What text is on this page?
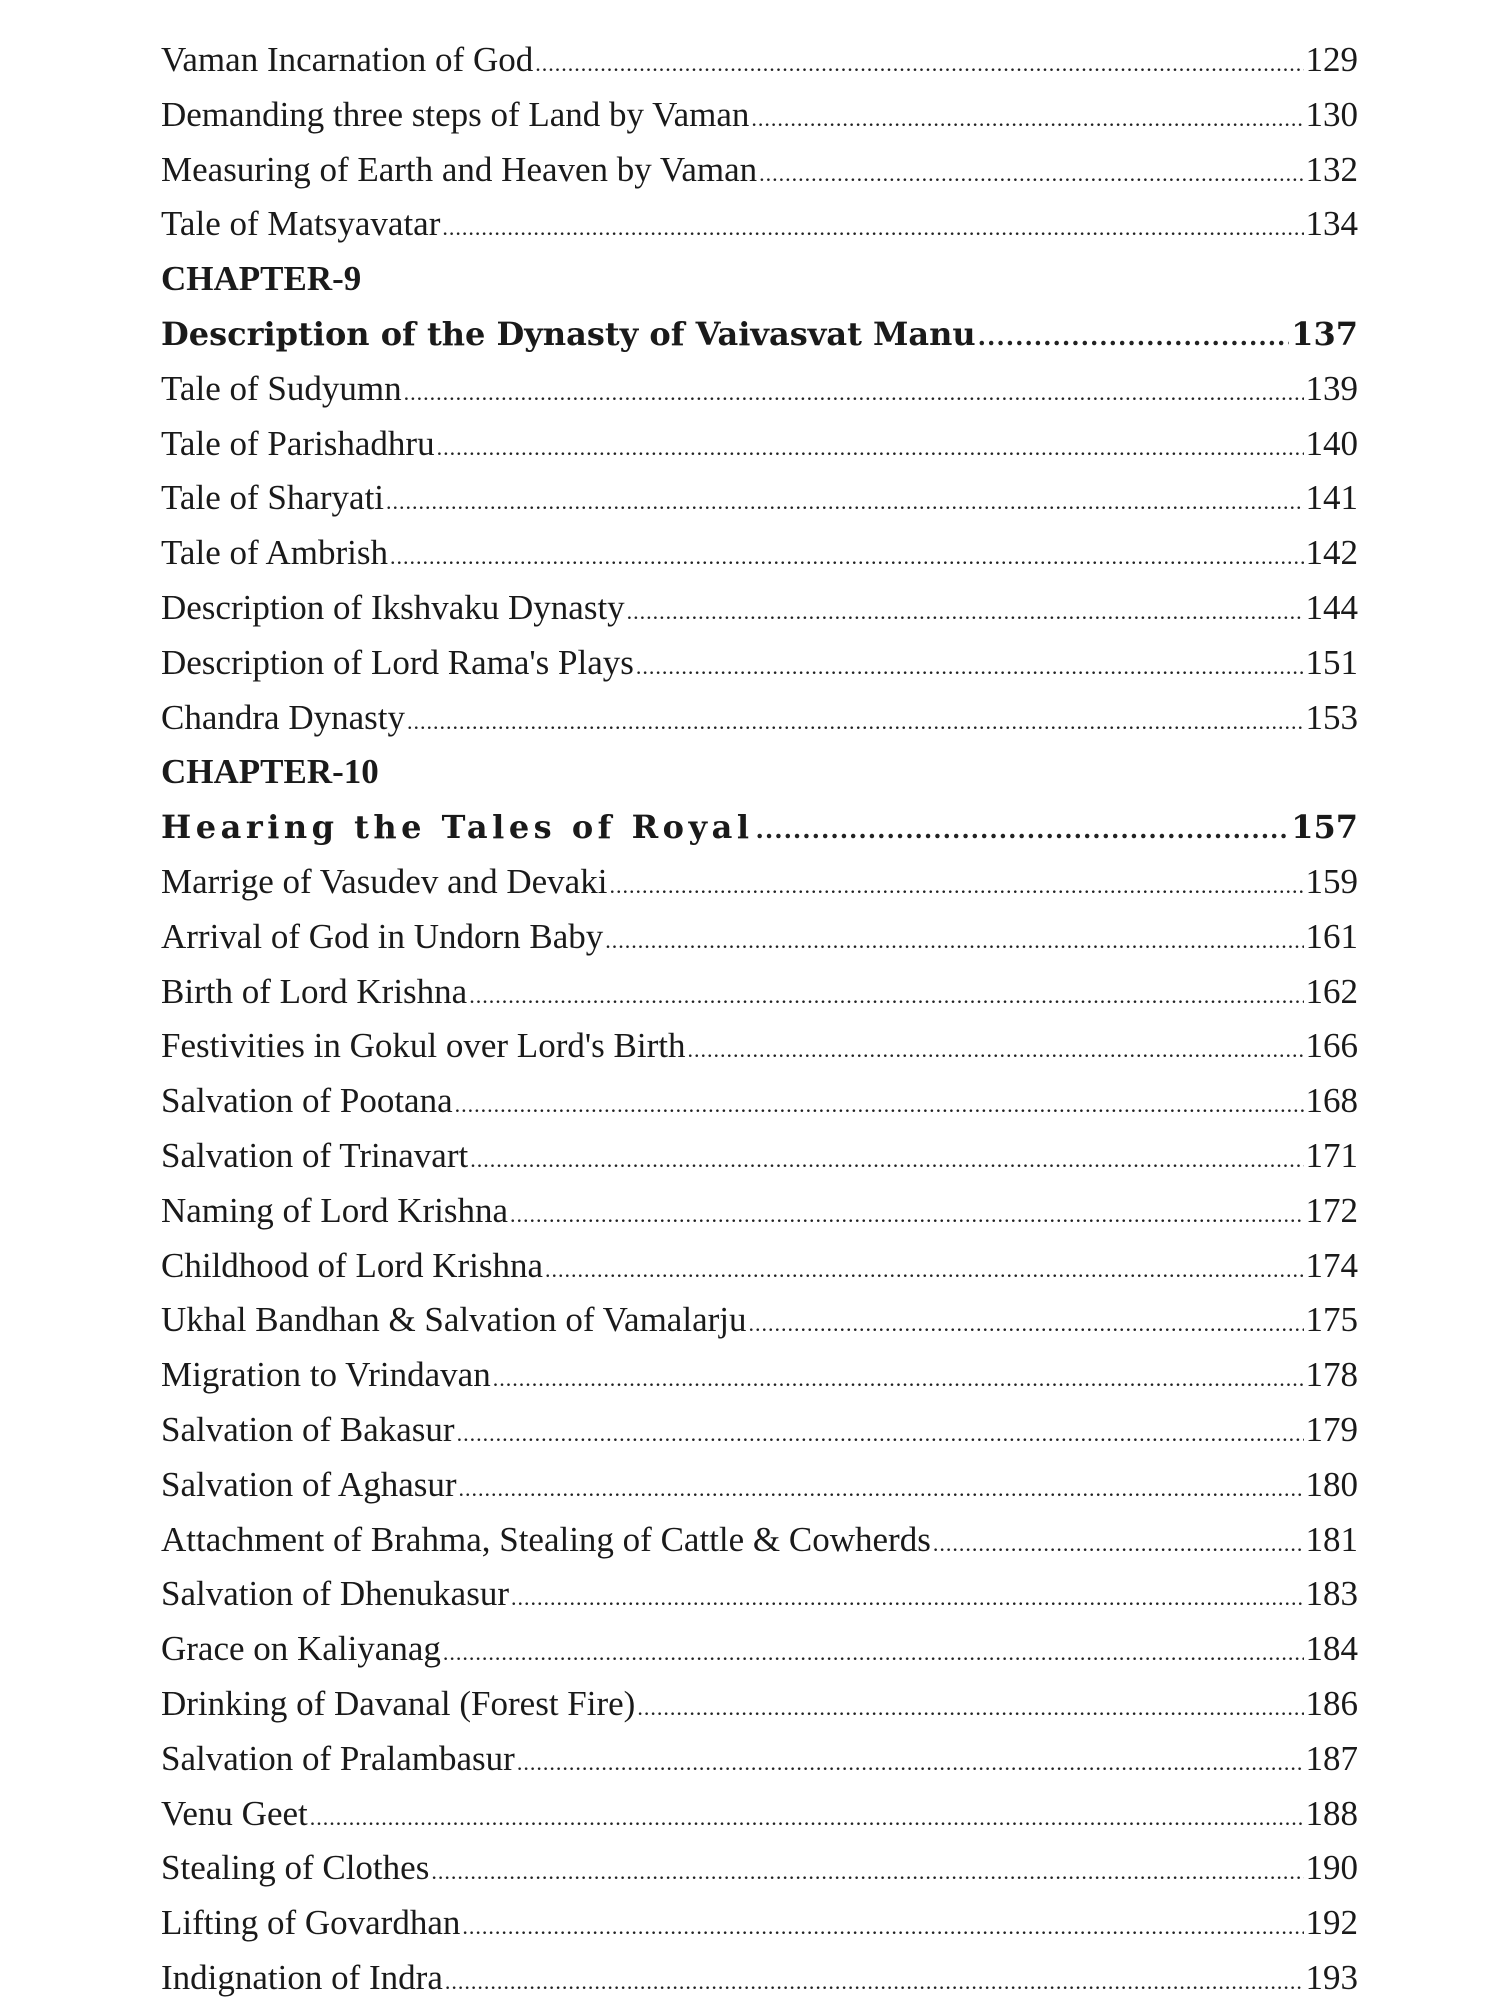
Vaman Incarnation of God .....	129
Demanding three steps of Land by Vaman .....	130
Measuring of Earth and Heaven by Vaman .....	132
Tale of Matsyavatar .....	134
CHAPTER-9
Description of the Dynasty of Vaivasvat Manu .....	137
Tale of Sudyumn .....	139
Tale of Parishadhru .....	140
Tale of Sharyati .....	141
Tale of Ambrish .....	142
Description of Ikshvaku Dynasty .....	144
Description of Lord Rama's Plays .....	151
Chandra Dynasty .....	153
CHAPTER-10
Hearing the Tales of Royal .....	157
Marrige of Vasudev and Devaki .....	159
Arrival of God in Undorn Baby .....	161
Birth of Lord Krishna .....	162
Festivities in Gokul over Lord's Birth .....	166
Salvation of Pootana .....	168
Salvation of Trinavart .....	171
Naming of Lord Krishna .....	172
Childhood of Lord Krishna .....	174
Ukhal Bandhan & Salvation of Vamalarju .....	175
Migration to Vrindavan .....	178
Salvation of Bakasur .....	179
Salvation of Aghasur .....	180
Attachment of Brahma, Stealing of Cattle & Cowherds .....	181
Salvation of Dhenukasur .....	183
Grace on Kaliyanag .....	184
Drinking of Davanal (Forest Fire) .....	186
Salvation of Pralambasur .....	187
Venu Geet .....	188
Stealing of Clothes .....	190
Lifting of Govardhan .....	192
Indignation of Indra .....	193
